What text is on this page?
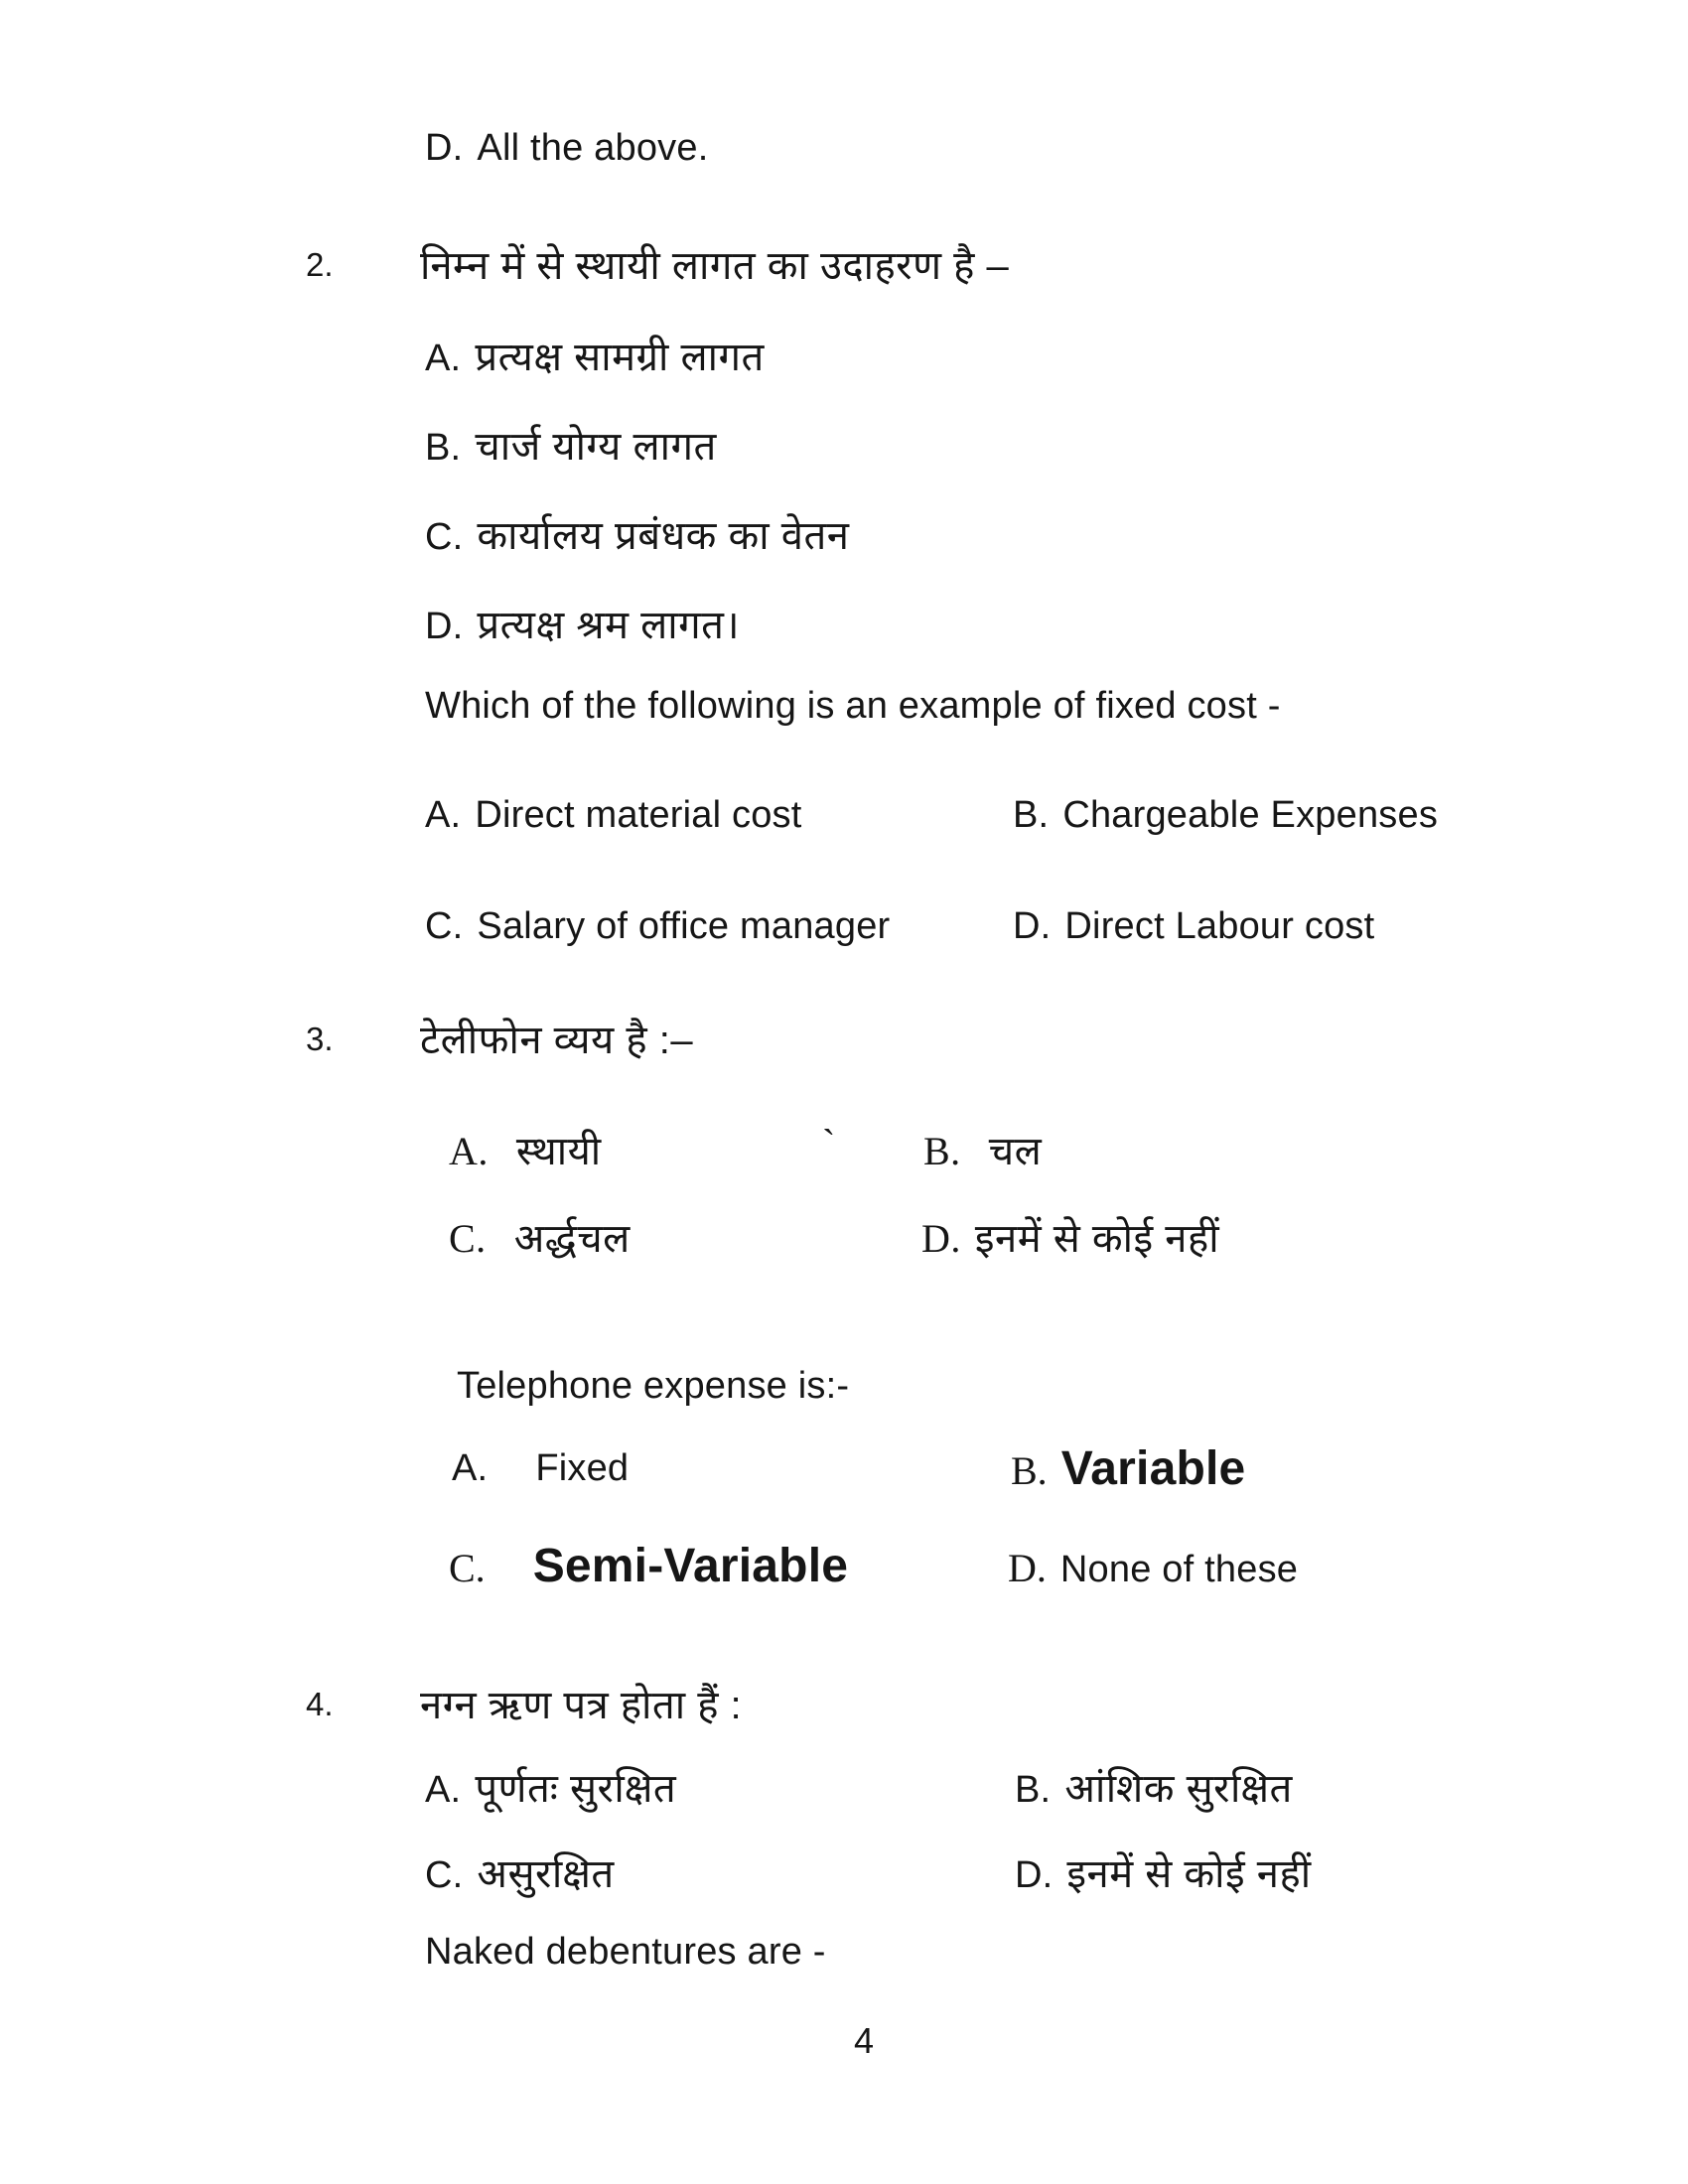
D. All the above.
2. निम्न में से स्थायी लागत का उदाहरण है –
A. प्रत्यक्ष सामग्री लागत
B. चार्ज योग्य लागत
C. कार्यालय प्रबंधक का वेतन
D. प्रत्यक्ष श्रम लागत।
Which of the following is an example of fixed cost -
A. Direct material cost	B. Chargeable Expenses
C. Salary of office manager	D. Direct Labour cost
3. टेलीफोन व्यय है :–
A. स्थायी	` B. चल
C. अर्द्धचल	D. इनमें से कोई नहीं
Telephone expense is:-
A. Fixed	B. Variable
C. Semi-Variable	D. None of these
4. नग्न ऋण पत्र होता हैं :
A. पूर्णतः सुरक्षित	B. आंशिक सुरक्षित
C. असुरक्षित	D. इनमें से कोई नहीं
Naked debentures are -
4
